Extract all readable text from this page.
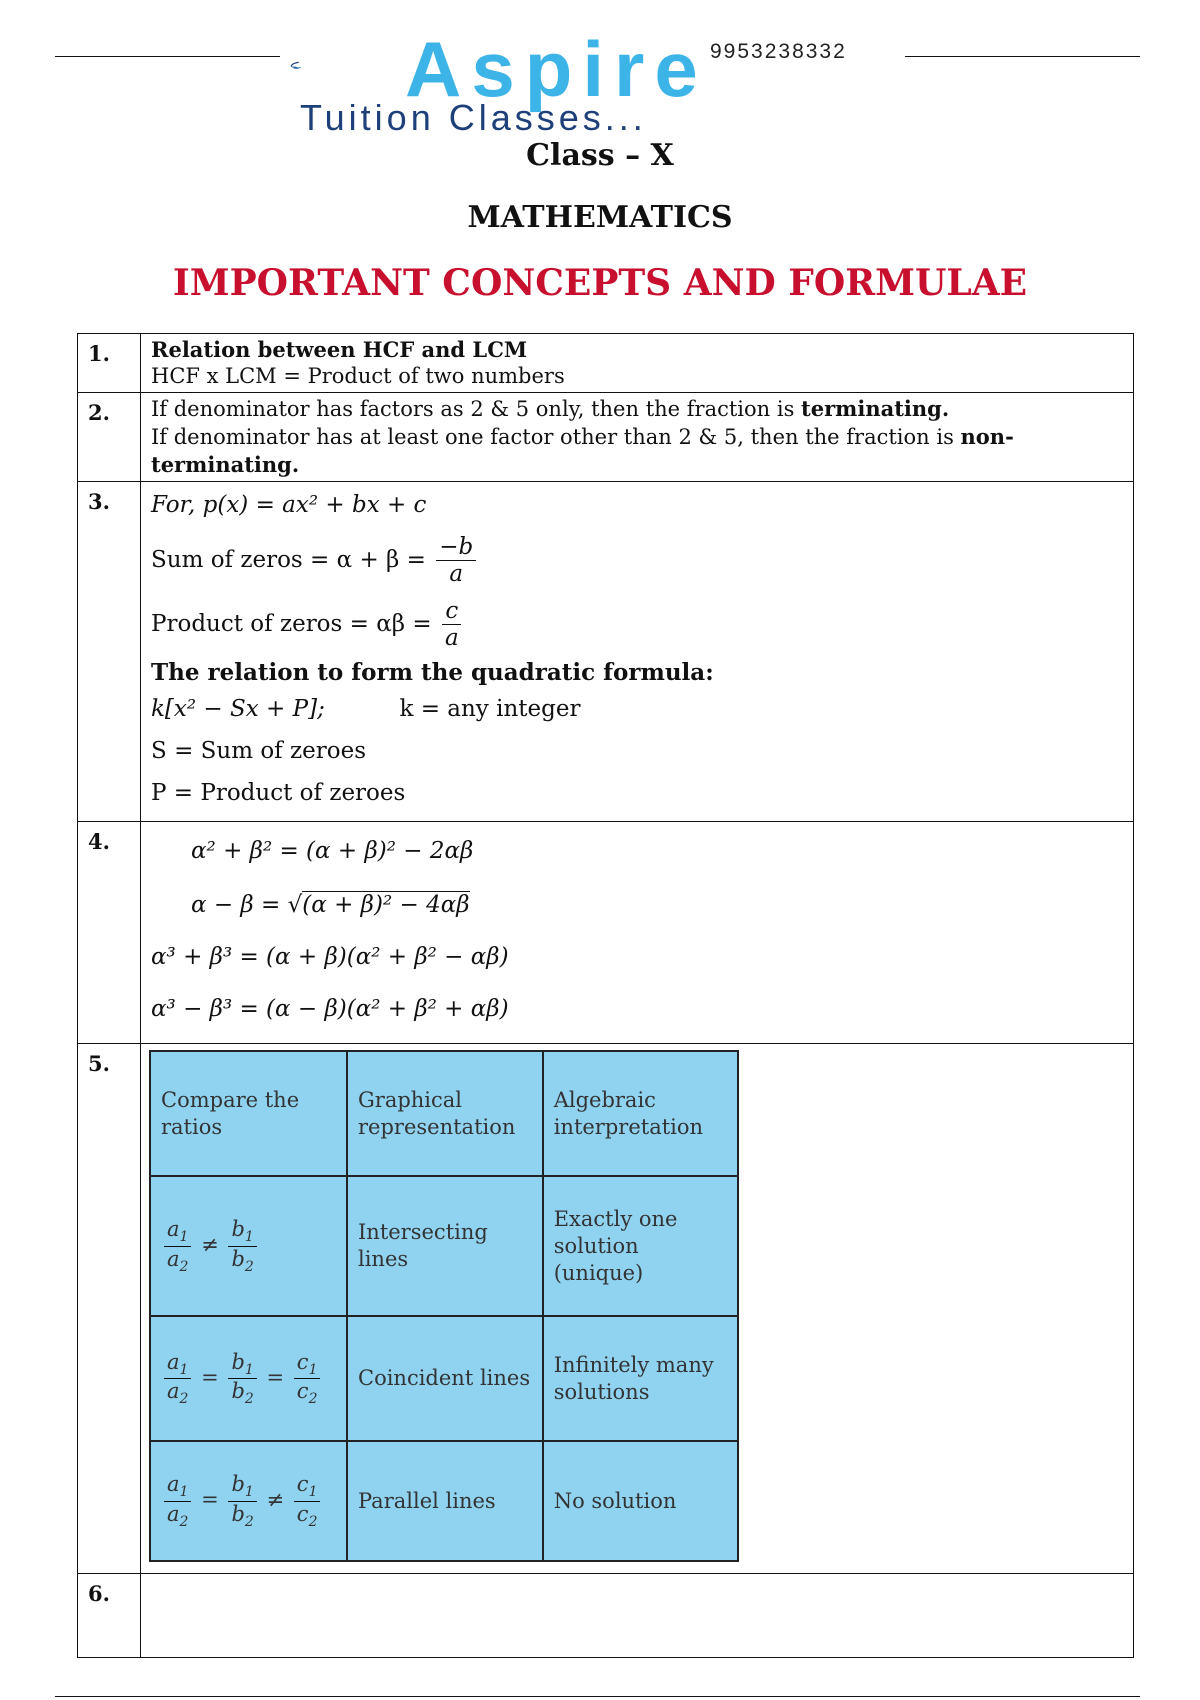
Aspire 9953238332
Tuition Classes...
Class – X
MATHEMATICS
IMPORTANT CONCEPTS AND FORMULAE
1.	Relation between HCF and LCM
HCF x LCM = Product of two numbers

2.	If denominator has factors as 2 & 5 only, then the fraction is terminating.
If denominator has at least one factor other than 2 & 5, then the fraction is non-terminating.

3.	For, p(x) = ax² + bx + c
Sum of zeros = $\alpha + \beta = \frac{-b}{a}$
Product of zeros = $\alpha\beta = \frac{c}{a}$
The relation to form the quadratic formula:
k[x² − Sx + P];	k = any integer
S = Sum of zeroes
P = Product of zeroes

4.	α² + β² = (α + β)² − 2αβ
α − β = √(α + β)² − 4αβ
α³ + β³ = (α + β)(α² + β² − αβ)
α³ − β³ = (α − β)(α² + β² + αβ)

5.	
Compare the ratios	Graphical representation	Algebraic interpretation

$\frac{a_1}{a_2} \ne \frac{b_1}{b_2}$	Intersecting lines	Exactly one solution (unique)

$\frac{a_1}{a_2} = \frac{b_1}{b_2} = \frac{c_1}{c_2}$	Coincident lines	Infinitely many solutions

$\frac{a_1}{a_2} = \frac{b_1}{b_2} \ne \frac{c_1}{c_2}$	Parallel lines	No solution

6.	
